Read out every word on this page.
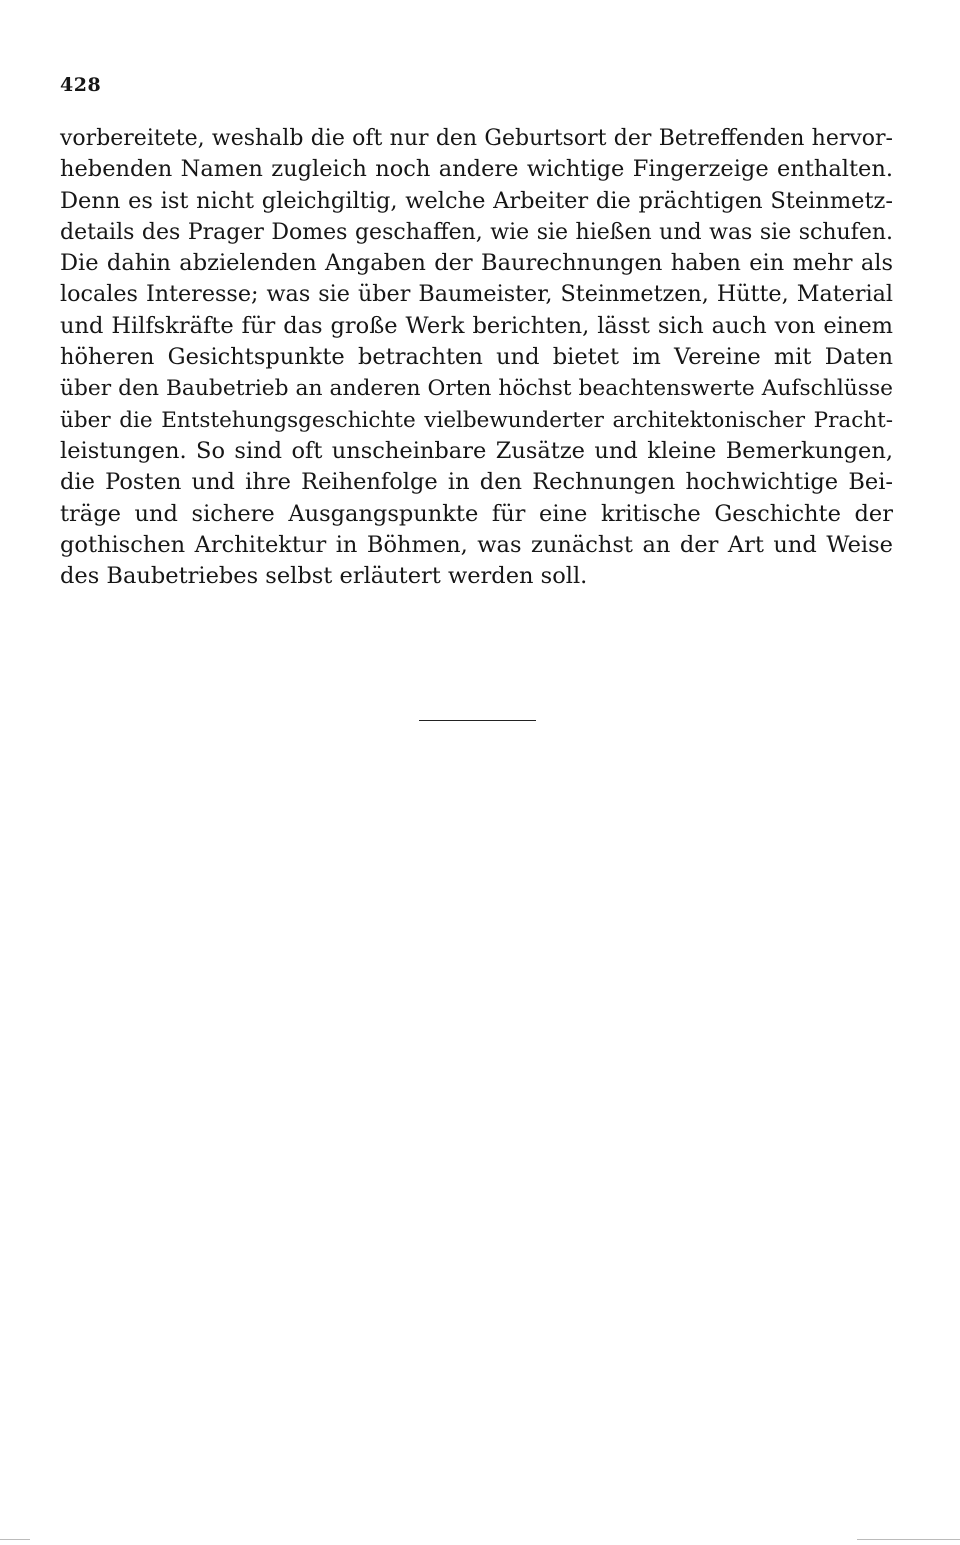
428

vorbereitete, weshalb die oft nur den Geburtsort der Betreffenden hervor-
hebenden Namen zugleich noch andere wichtige Fingerzeige enthalten.
Denn es ist nicht gleichgiltig, welche Arbeiter die prächtigen Steinmetz-
details des Prager Domes geschaffen, wie sie hießen und was sie schufen.
Die dahin abzielenden Angaben der Baurechnungen haben ein mehr als
locales Interesse; was sie über Baumeister, Steinmetzen, Hütte, Material
und Hilfskräfte für das große Werk berichten, lässt sich auch von einem
höheren Gesichtspunkte betrachten und bietet im Vereine mit Daten
über den Baubetrieb an anderen Orten höchst beachtenswerte Aufschlüsse
über die Entstehungsgeschichte vielbewunderter architektonischer Pracht-
leistungen. So sind oft unscheinbare Zusätze und kleine Bemerkungen,
die Posten und ihre Reihenfolge in den Rechnungen hochwichtige Bei-
träge und sichere Ausgangspunkte für eine kritische Geschichte der
gothischen Architektur in Böhmen, was zunächst an der Art und Weise
des Baubetriebes selbst erläutert werden soll.
